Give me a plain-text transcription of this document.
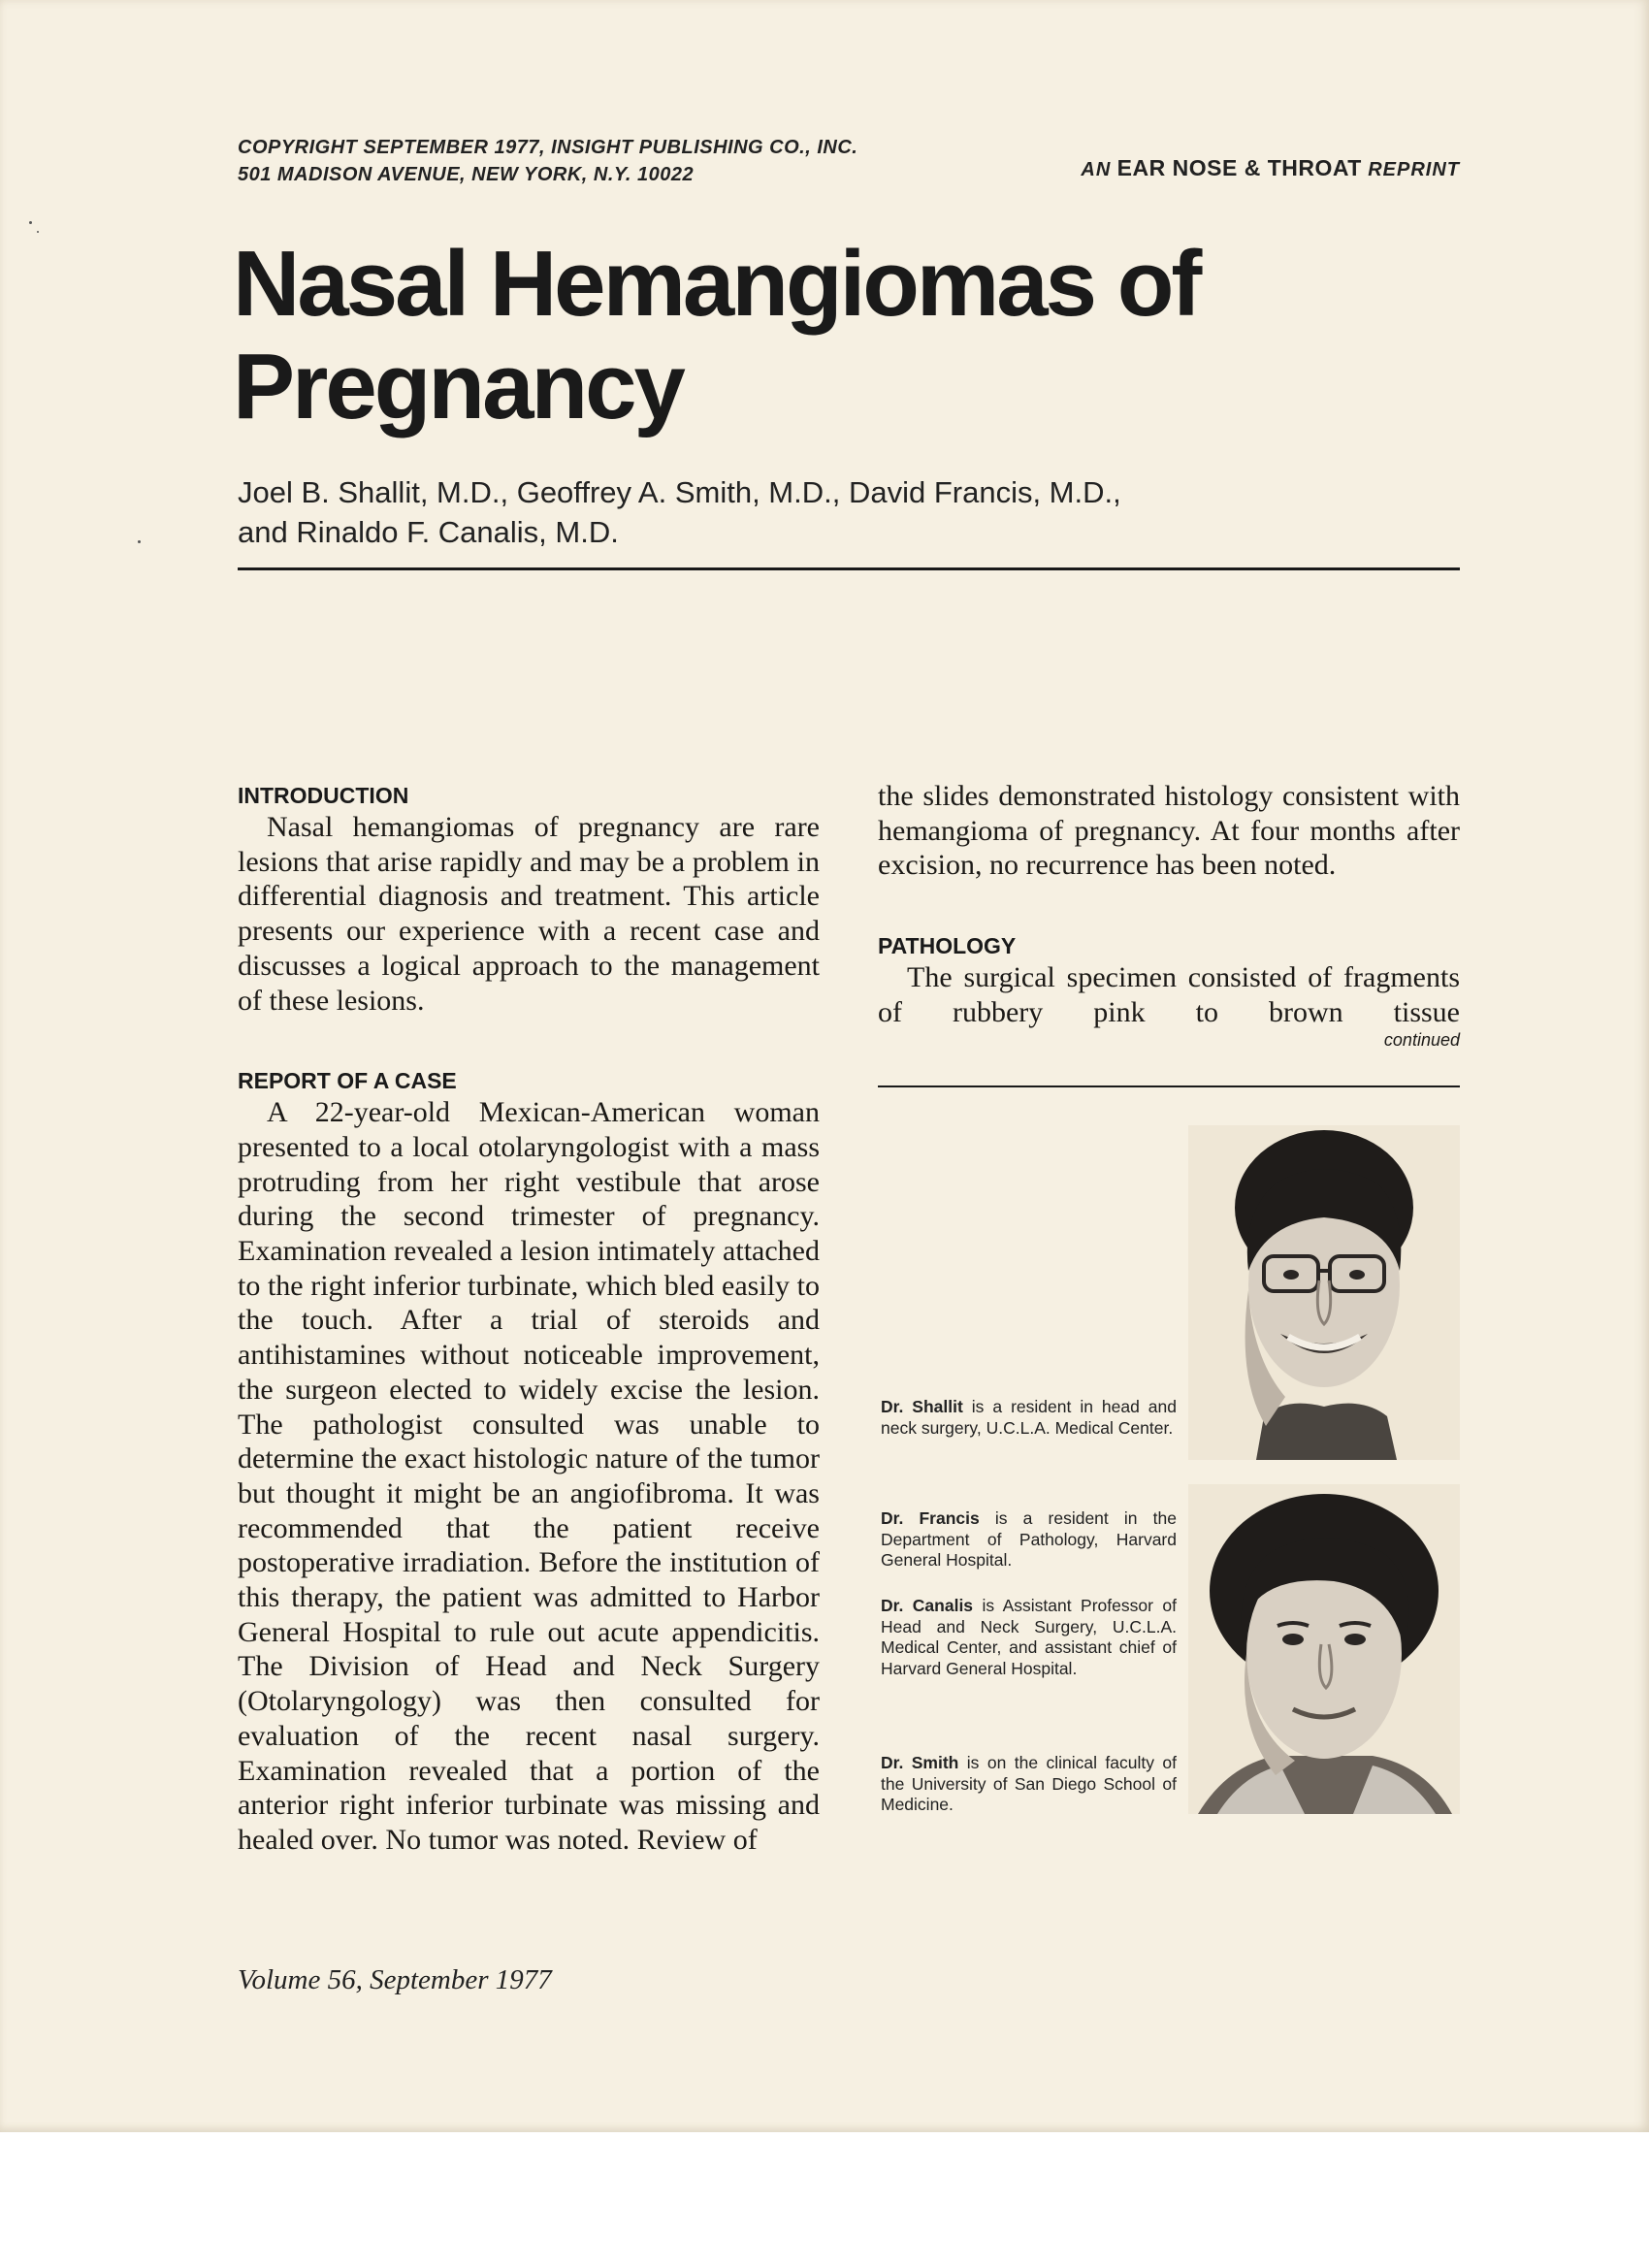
COPYRIGHT SEPTEMBER 1977, INSIGHT PUBLISHING CO., INC.
501 MADISON AVENUE, NEW YORK, N.Y. 10022	AN EAR NOSE & THROAT REPRINT
Nasal Hemangiomas of
Pregnancy
Joel B. Shallit, M.D., Geoffrey A. Smith, M.D., David Francis, M.D.,
and Rinaldo F. Canalis, M.D.
INTRODUCTION

Nasal hemangiomas of pregnancy are rare lesions that arise rapidly and may be a problem in differential diagnosis and treatment. This article presents our experience with a recent case and discusses a logical approach to the management of these lesions.

REPORT OF A CASE

A 22-year-old Mexican-American woman presented to a local otolaryngologist with a mass protruding from her right vestibule that arose during the second trimester of pregnancy. Examination revealed a lesion intimately attached to the right inferior turbinate, which bled easily to the touch. After a trial of steroids and antihistamines without noticeable improvement, the surgeon elected to widely excise the lesion. The pathologist consulted was unable to determine the exact histologic nature of the tumor but thought it might be an angiofibroma. It was recommended that the patient receive postoperative irradiation. Before the institution of this therapy, the patient was admitted to Harbor General Hospital to rule out acute appendicitis. The Division of Head and Neck Surgery (Otolaryngology) was then consulted for evaluation of the recent nasal surgery. Examination revealed that a portion of the anterior right inferior turbinate was missing and healed over. No tumor was noted. Review of

the slides demonstrated histology consistent with hemangioma of pregnancy. At four months after excision, no recurrence has been noted.

PATHOLOGY

The surgical specimen consisted of fragments of rubbery pink to brown tissue

continued

Dr. Shallit is a resident in head and neck surgery, U.C.L.A. Medical Center.
Dr. Francis is a resident in the Department of Pathology, Harvard General Hospital.
Dr. Canalis is Assistant Professor of Head and Neck Surgery, U.C.L.A. Medical Center, and assistant chief of Harvard General Hospital.
Dr. Smith is on the clinical faculty of the University of San Diego School of Medicine.
Volume 56, September 1977
